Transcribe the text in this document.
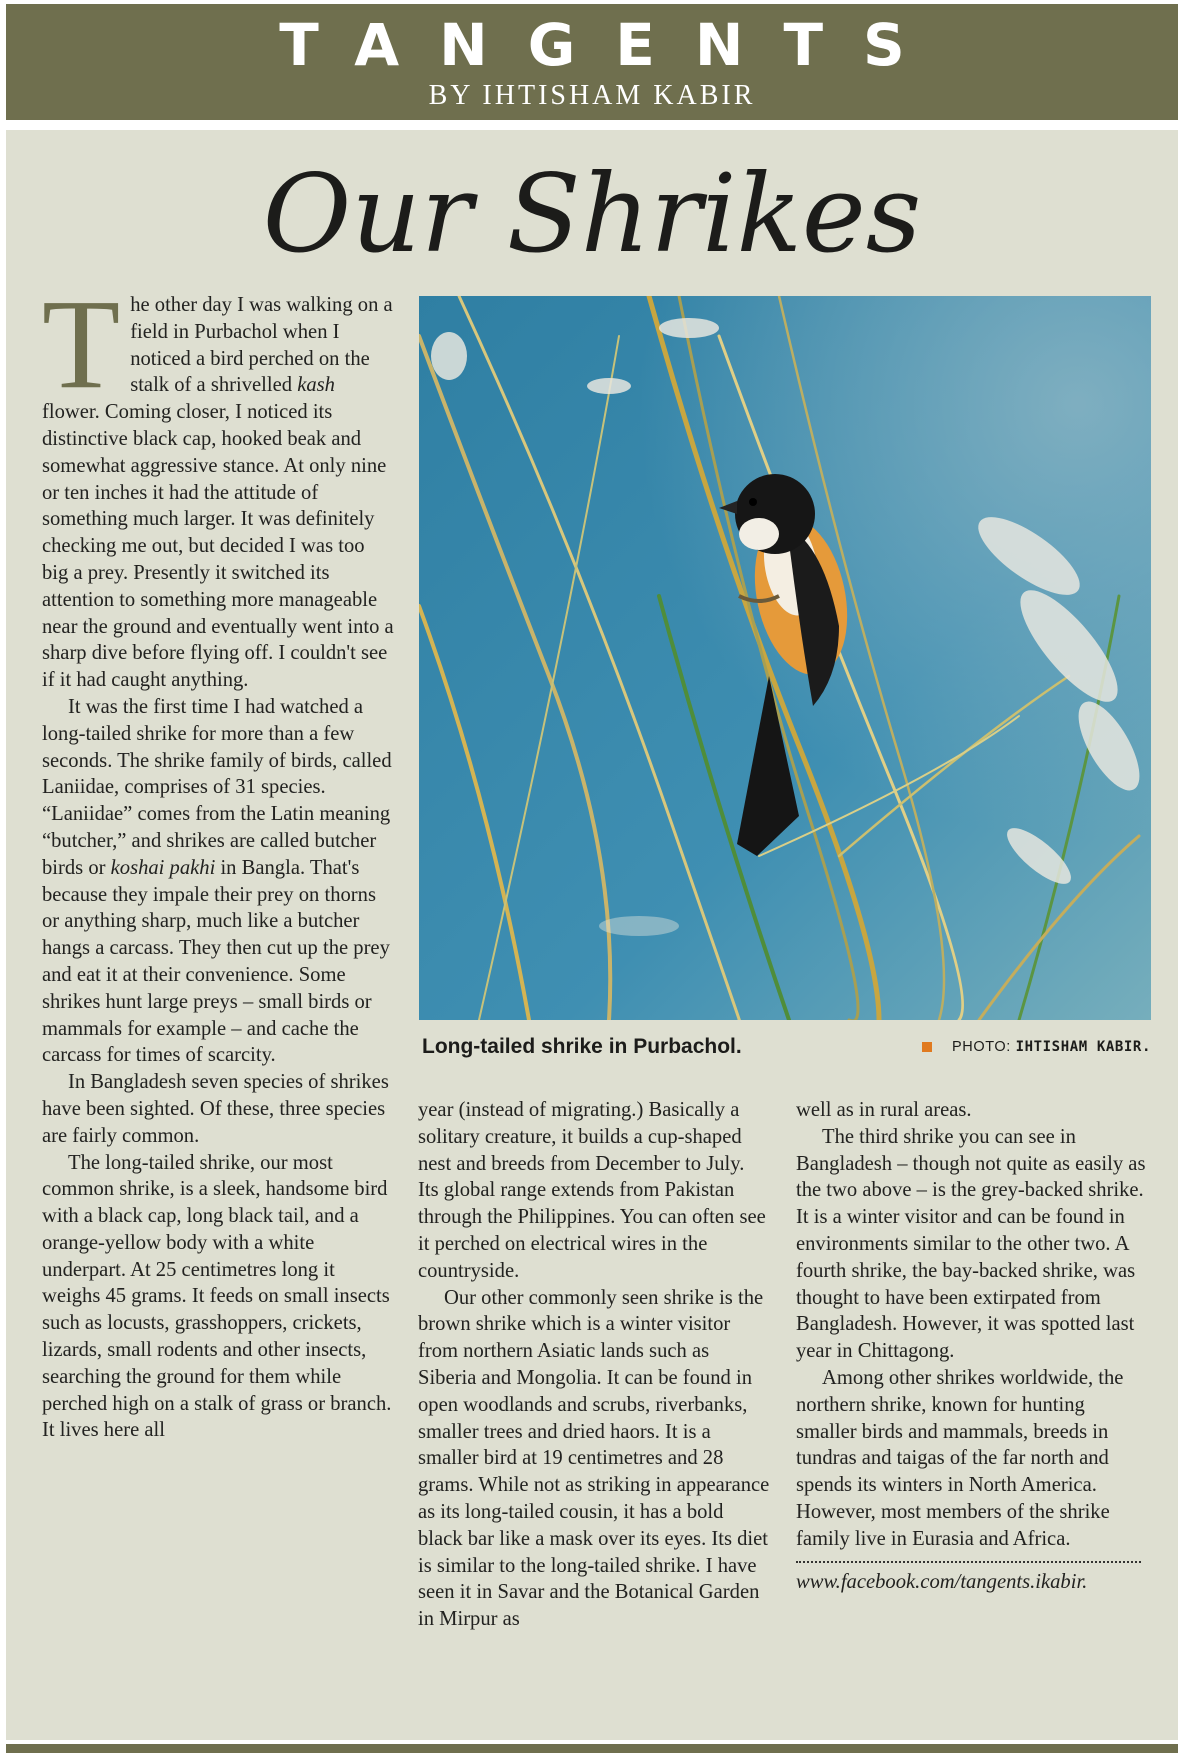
TANGENTS
BY IHTISHAM KABIR
Our Shrikes

The other day I was walking on a field in Purbachol when I noticed a bird perched on the stalk of a shrivelled kash flower. Coming closer, I noticed its distinctive black cap, hooked beak and somewhat aggressive stance. At only nine or ten inches it had the attitude of something much larger. It was definitely checking me out, but decided I was too big a prey. Presently it switched its attention to something more manageable near the ground and eventually went into a sharp dive before flying off. I couldn't see if it had caught anything.

It was the first time I had watched a long-tailed shrike for more than a few seconds. The shrike family of birds, called Laniidae, comprises of 31 species. “Laniidae” comes from the Latin meaning “butcher,” and shrikes are called butcher birds or koshai pakhi in Bangla. That's because they impale their prey on thorns or anything sharp, much like a butcher hangs a carcass. They then cut up the prey and eat it at their convenience. Some shrikes hunt large preys – small birds or mammals for example – and cache the carcass for times of scarcity.

In Bangladesh seven species of shrikes have been sighted. Of these, three species are fairly common.

The long-tailed shrike, our most common shrike, is a sleek, handsome bird with a black cap, long black tail, and a orange-yellow body with a white underpart. At 25 centimetres long it weighs 45 grams. It feeds on small insects such as locusts, grasshoppers, crickets, lizards, small rodents and other insects, searching the ground for them while perched high on a stalk of grass or branch. It lives here all

Long-tailed shrike in Purbachol.	PHOTO: IHTISHAM KABIR.

year (instead of migrating.) Basically a solitary creature, it builds a cup-shaped nest and breeds from December to July. Its global range extends from Pakistan through the Philippines. You can often see it perched on electrical wires in the countryside.

Our other commonly seen shrike is the brown shrike which is a winter visitor from northern Asiatic lands such as Siberia and Mongolia. It can be found in open woodlands and scrubs, riverbanks, smaller trees and dried haors. It is a smaller bird at 19 centimetres and 28 grams. While not as striking in appearance as its long-tailed cousin, it has a bold black bar like a mask over its eyes. Its diet is similar to the long-tailed shrike. I have seen it in Savar and the Botanical Garden in Mirpur as

well as in rural areas.

The third shrike you can see in Bangladesh – though not quite as easily as the two above – is the grey-backed shrike. It is a winter visitor and can be found in environments similar to the other two. A fourth shrike, the bay-backed shrike, was thought to have been extirpated from Bangladesh. However, it was spotted last year in Chittagong.

Among other shrikes worldwide, the northern shrike, known for hunting smaller birds and mammals, breeds in tundras and taigas of the far north and spends its winters in North America. However, most members of the shrike family live in Eurasia and Africa.

www.facebook.com/tangents.ikabir.
